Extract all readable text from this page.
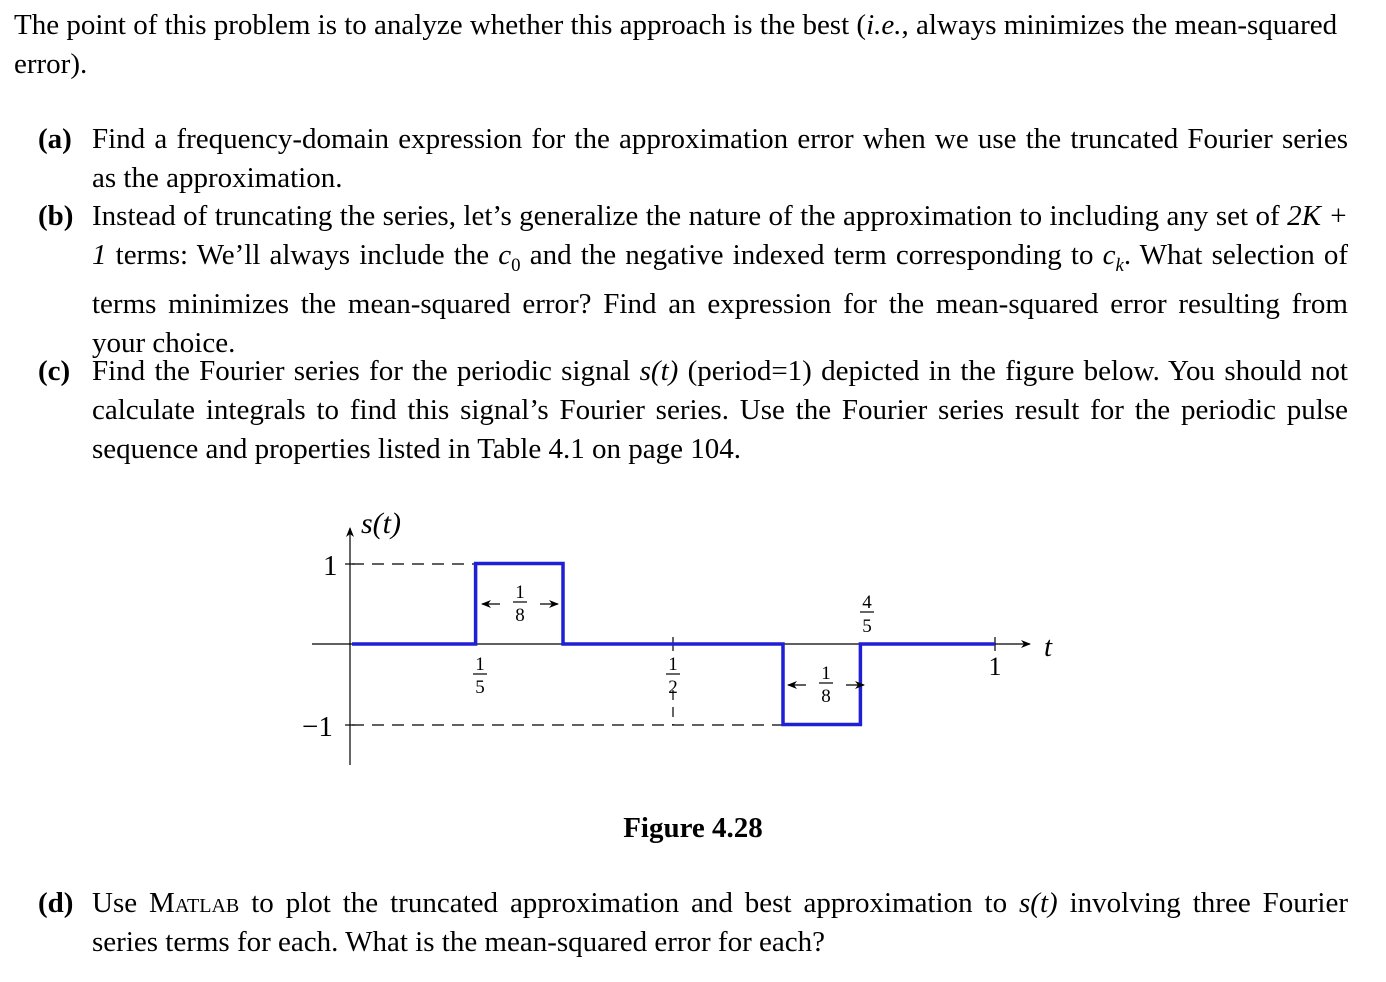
The point of this problem is to analyze whether this approach is the best (i.e., always minimizes the mean-squared error).

(a) Find a frequency-domain expression for the approximation error when we use the truncated Fourier series as the approximation.
(b) Instead of truncating the series, let’s generalize the nature of the approximation to including any set of 2K + 1 terms: We’ll always include the $c_0$ and the negative indexed term corresponding to $c_k$. What selection of terms minimizes the mean-squared error? Find an expression for the mean-squared error resulting from your choice.
(c) Find the Fourier series for the periodic signal s(t) (period=1) depicted in the figure below. You should not calculate integrals to find this signal’s Fourier series. Use the Fourier series result for the periodic pulse sequence and properties listed in Table 4.1 on page 104.
s(t)
t
1
−1
1
5
1
2
4
5
1
1
8
1
8
Figure 4.28
(d) Use Matlab to plot the truncated approximation and best approximation to s(t) involving three Fourier series terms for each. What is the mean-squared error for each?
